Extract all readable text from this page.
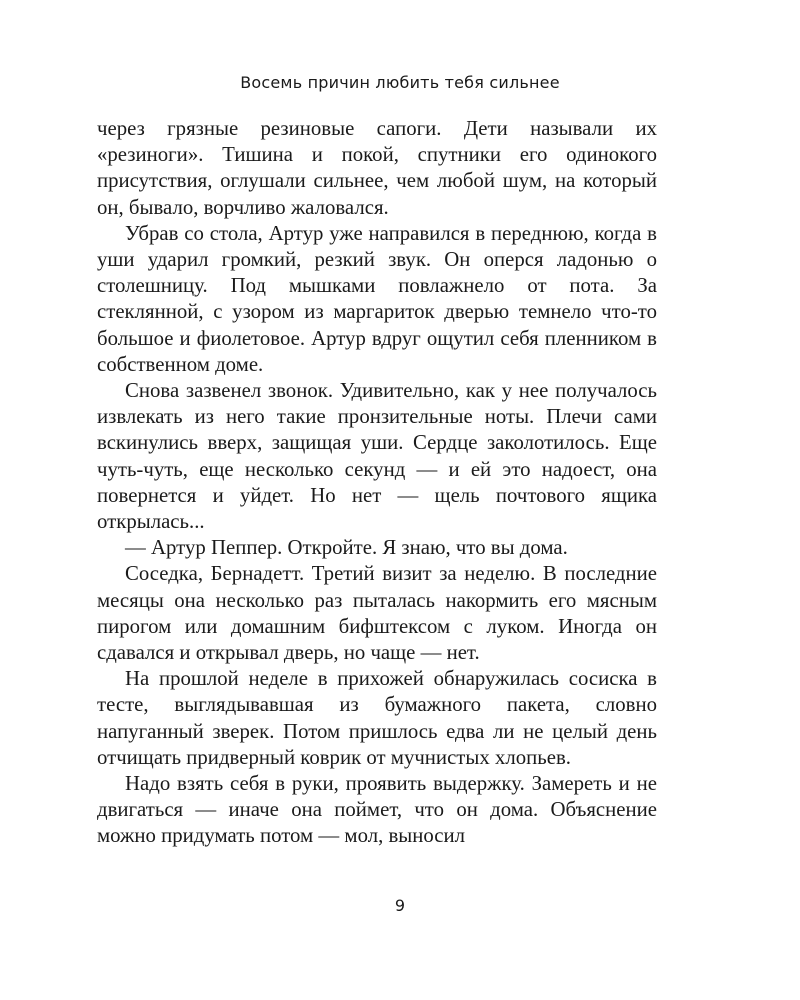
Восемь причин любить тебя сильнее

через грязные резиновые сапоги. Дети называли их «резиноги». Тишина и покой, спутники его одинокого присутствия, оглушали сильнее, чем любой шум, на который он, бывало, ворчливо жаловался.

Убрав со стола, Артур уже направился в переднюю, когда в уши ударил громкий, резкий звук. Он оперся ладонью о столешницу. Под мышками повлажнело от пота. За стеклянной, с узором из маргариток дверью темнело что-то большое и фиолетовое. Артур вдруг ощутил себя пленником в собственном доме.

Снова зазвенел звонок. Удивительно, как у нее получалось извлекать из него такие пронзительные ноты. Плечи сами вскинулись вверх, защищая уши. Сердце заколотилось. Еще чуть-чуть, еще несколько секунд — и ей это надоест, она повернется и уйдет. Но нет — щель почтового ящика открылась...

— Артур Пеппер. Откройте. Я знаю, что вы дома.

Соседка, Бернадетт. Третий визит за неделю. В последние месяцы она несколько раз пыталась накормить его мясным пирогом или домашним бифштексом с луком. Иногда он сдавался и открывал дверь, но чаще — нет.

На прошлой неделе в прихожей обнаружилась сосиска в тесте, выглядывавшая из бумажного пакета, словно напуганный зверек. Потом пришлось едва ли не целый день отчищать придверный коврик от мучнистых хлопьев.

Надо взять себя в руки, проявить выдержку. Замереть и не двигаться — иначе она поймет, что он дома. Объяснение можно придумать потом — мол, выносил

9
